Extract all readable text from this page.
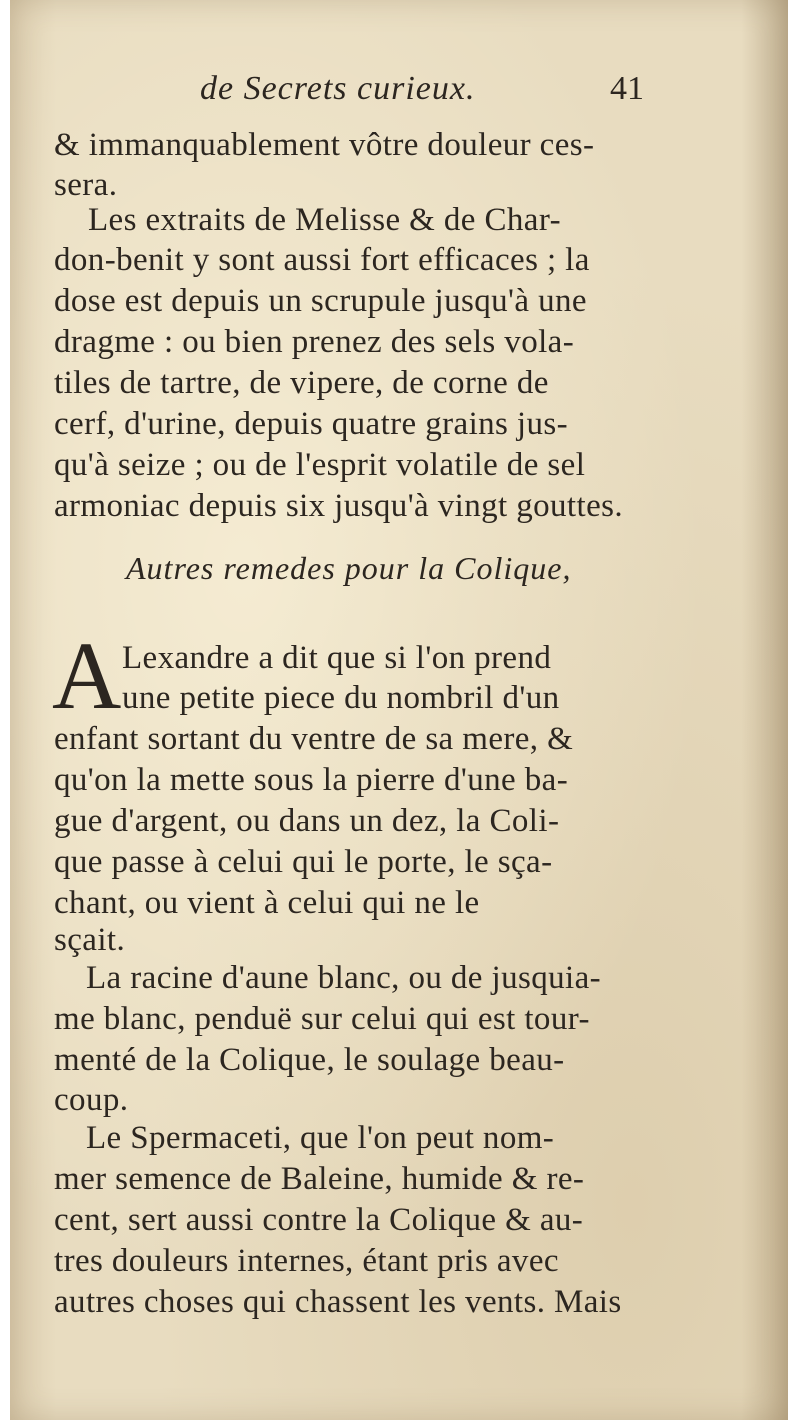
de Secrets curieux.	41
& immanquablement vôtre douleur ces-
sera.
Les extraits de Melisse & de Char-
don-benit y sont aussi fort efficaces ; la
dose est depuis un scrupule jusqu'à une
dragme : ou bien prenez des sels vola-
tiles de tartre, de vipere, de corne de
cerf, d'urine, depuis quatre grains jus-
qu'à seize ; ou de l'esprit volatile de sel
armoniac depuis six jusqu'à vingt gouttes.
Autres remedes pour la Colique,
A Lexandre a dit que si l'on prend
une petite piece du nombril d'un
enfant sortant du ventre de sa mere, &
qu'on la mette sous la pierre d'une ba-
gue d'argent, ou dans un dez, la Coli-
que passe à celui qui le porte, le sça-
chant, ou vient à celui qui ne le
sçait.
La racine d'aune blanc, ou de jusquia-
me blanc, penduë sur celui qui est tour-
menté de la Colique, le soulage beau-
coup.
Le Spermaceti, que l'on peut nom-
mer semence de Baleine, humide & re-
cent, sert aussi contre la Colique & au-
tres douleurs internes, étant pris avec
autres choses qui chassent les vents. Mais
